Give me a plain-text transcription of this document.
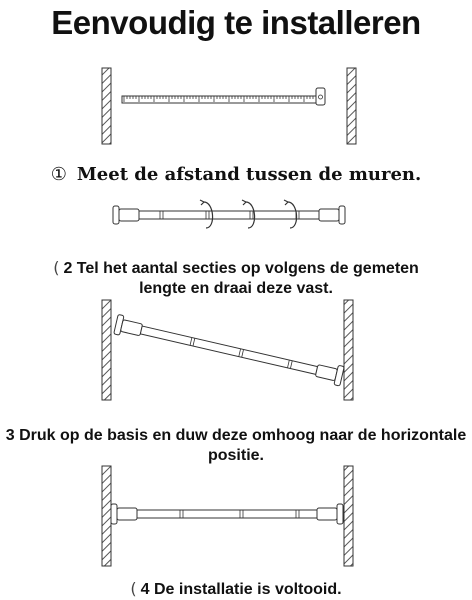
Eenvoudig te installeren
① Meet de afstand tussen de muren.
( 2 Tel het aantal secties op volgens de gemeten
lengte en draai deze vast.
3 Druk op de basis en duw deze omhoog naar de horizontale
positie.
( 4 De installatie is voltooid.
